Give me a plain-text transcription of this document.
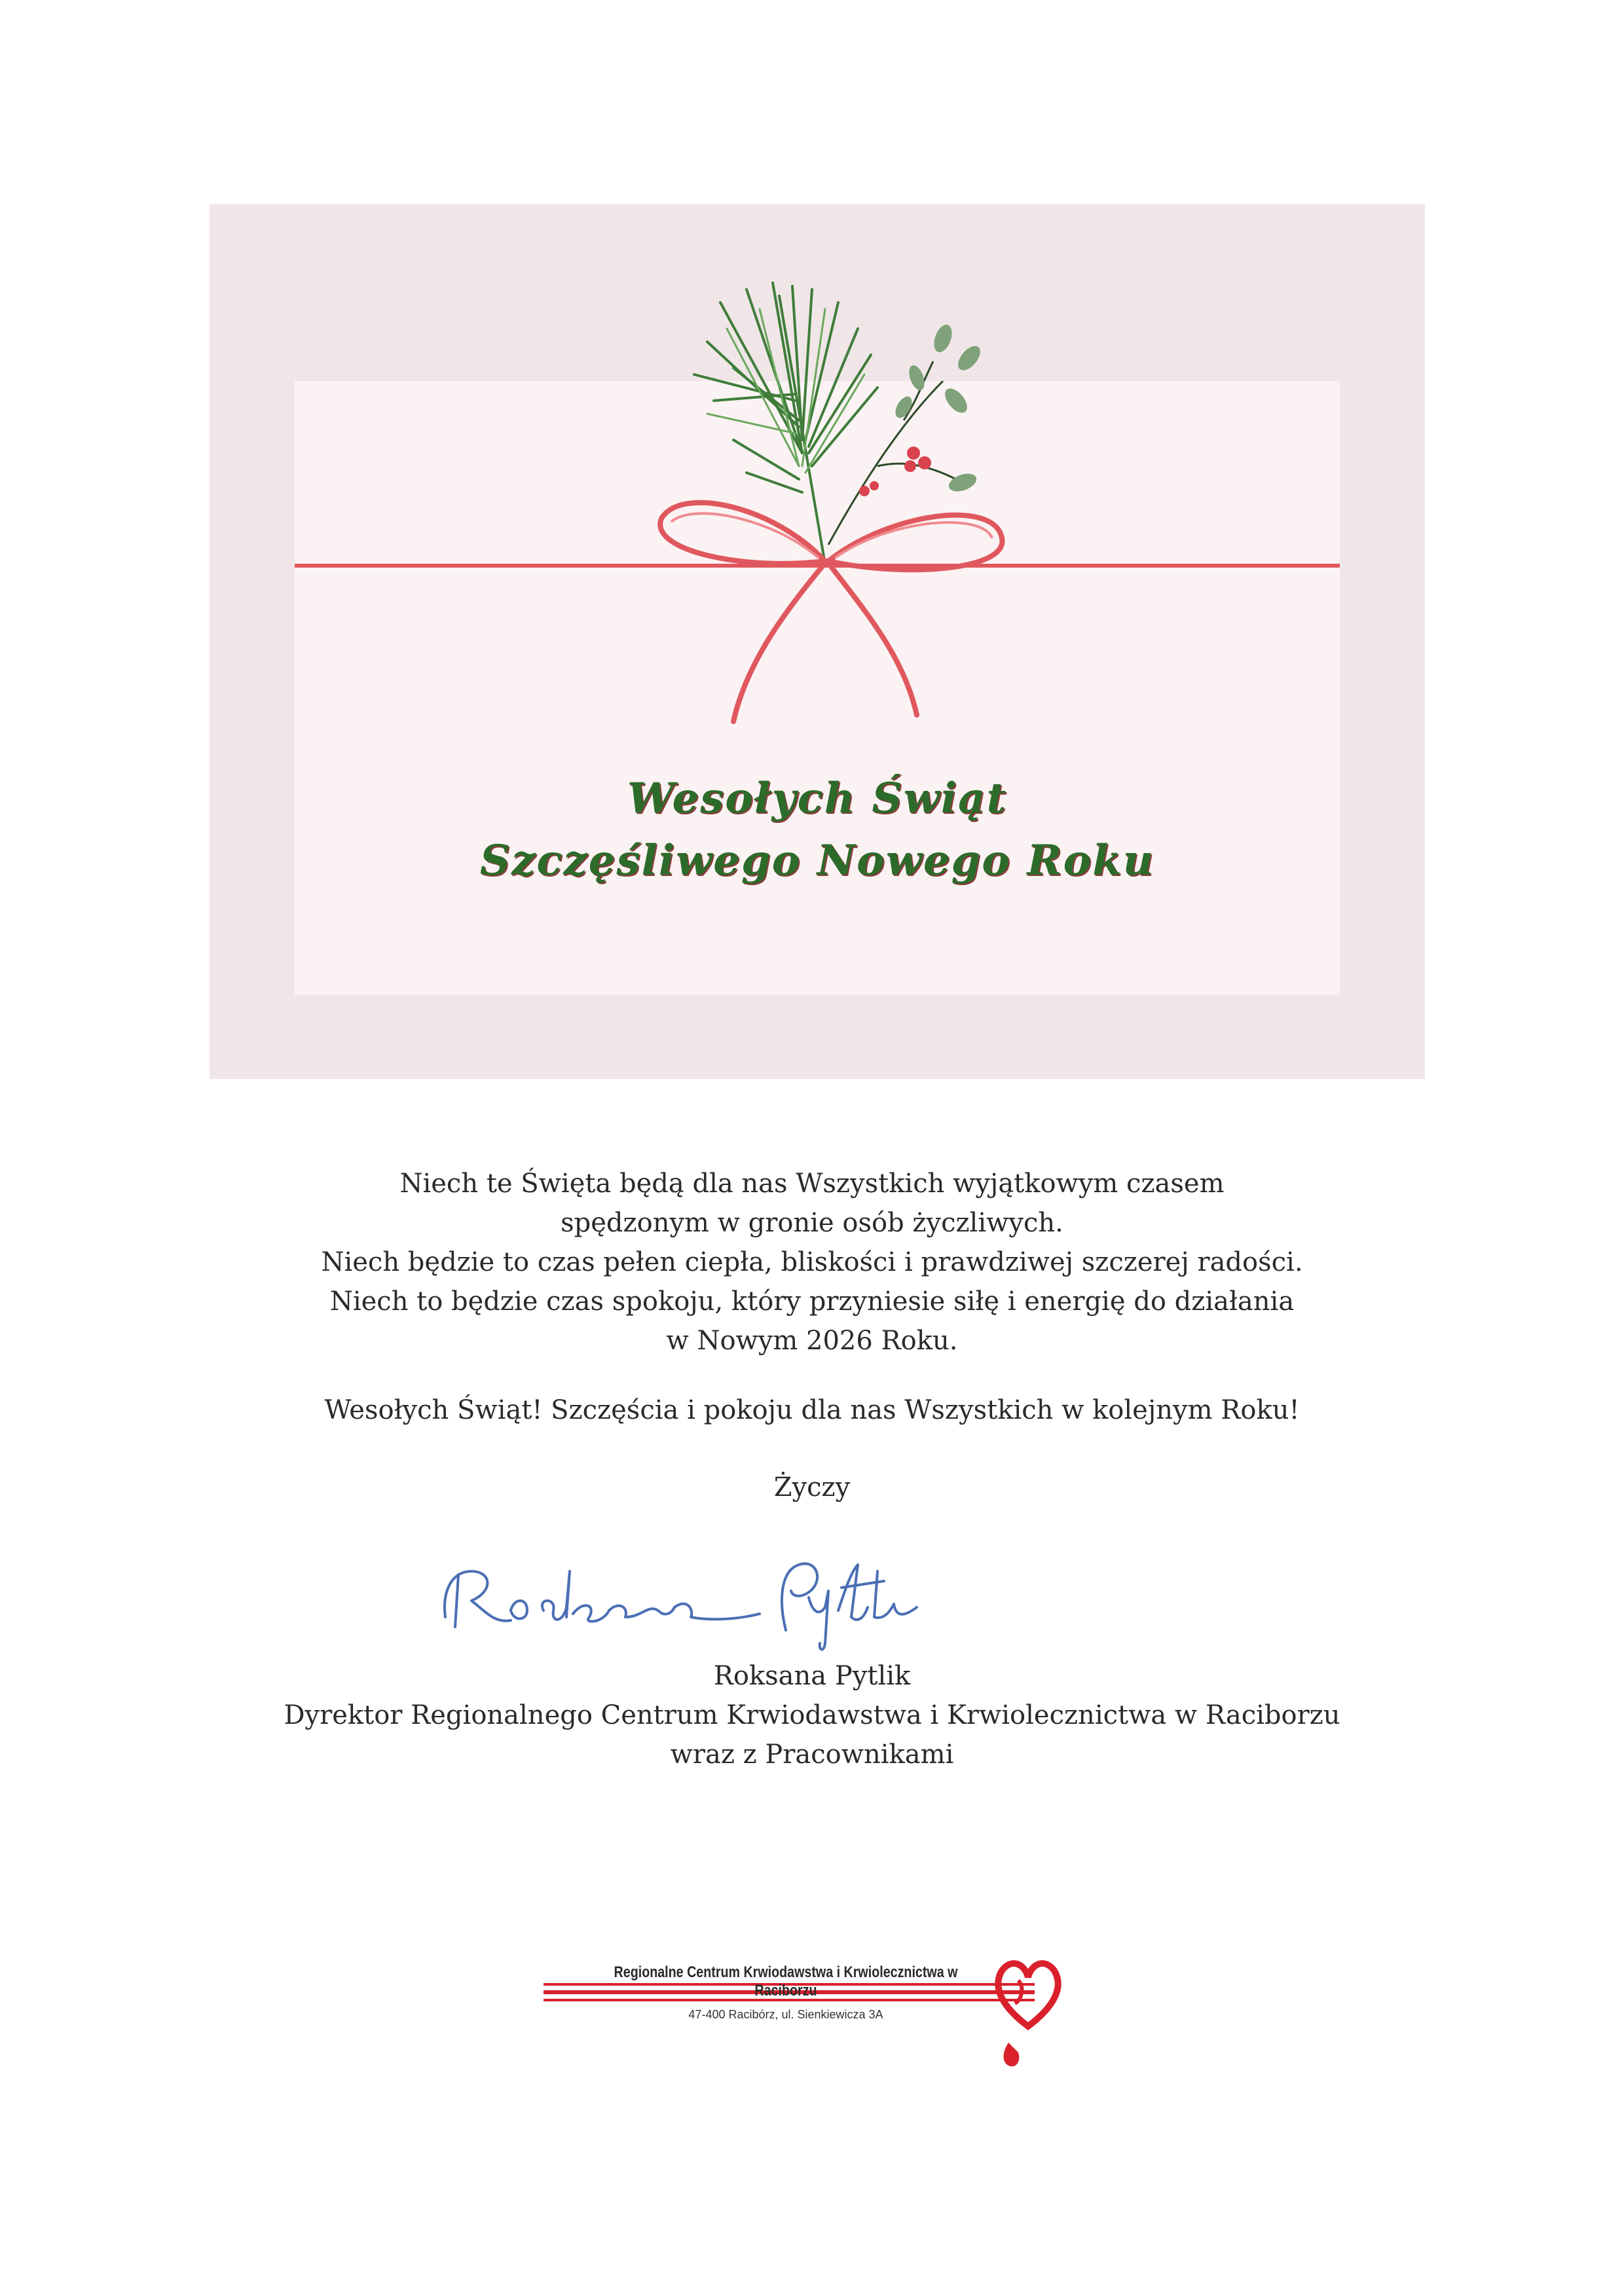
Wesołych Świąt
Szczęśliwego Nowego Roku

Niech te Święta będą dla nas Wszystkich wyjątkowym czasem

spędzonym w gronie osób życzliwych.

Niech będzie to czas pełen ciepła, bliskości i prawdziwej szczerej radości.

Niech to będzie czas spokoju, który przyniesie siłę i energię do działania

w Nowym 2026 Roku.

Wesołych Świąt! Szczęścia i pokoju dla nas Wszystkich w kolejnym Roku!
Życzy
Roksana Pytlik
Dyrektor Regionalnego Centrum Krwiodawstwa i Krwiolecznictwa w Raciborzu
wraz z Pracownikami
Regionalne Centrum Krwiodawstwa i Krwiolecznictwa w Raciborzu
47-400 Racibórz, ul. Sienkiewicza 3A
